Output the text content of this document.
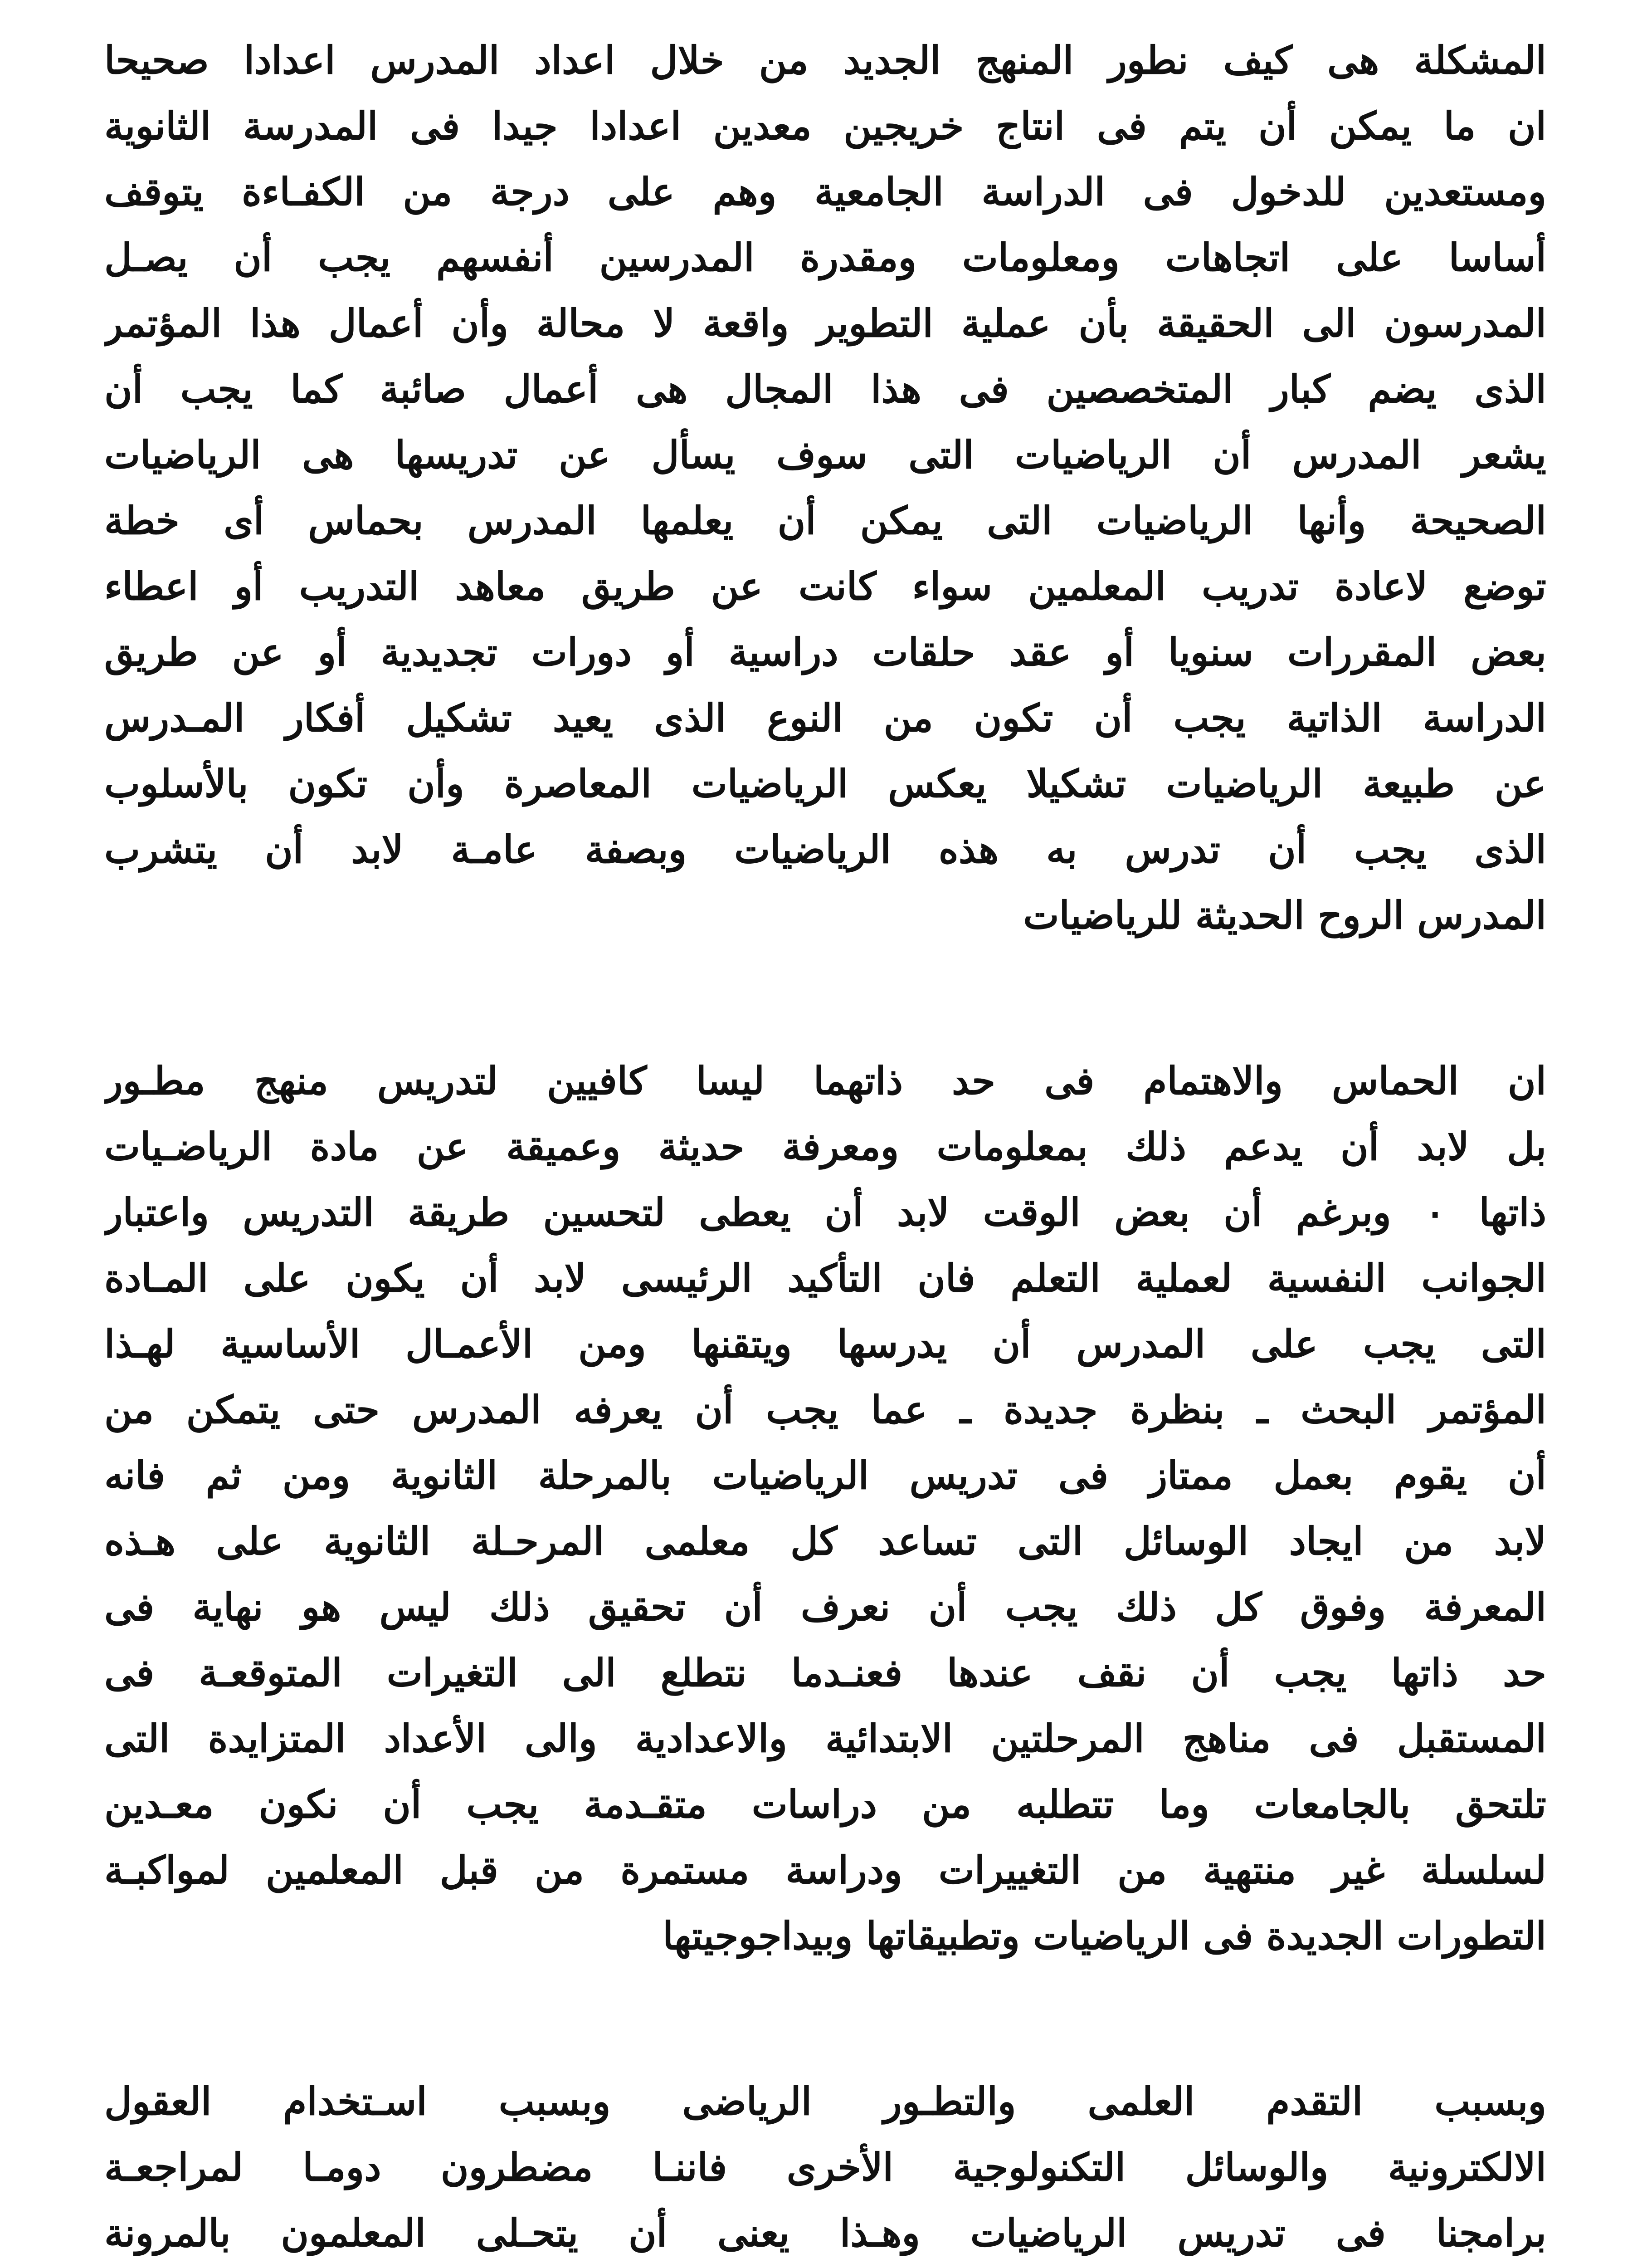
المشكلة هى كيف نطور المنهج الجديد من خلال اعداد المدرس اعدادا صحيحا
ان ما يمكن أن يتم فى انتاج خريجين معدين اعدادا جيدا فى المدرسة الثانوية
ومستعدين للدخول فى الدراسة الجامعية وهم على درجة من الكفـاءة يتوقف
أساسا على اتجاهات ومعلومات ومقدرة المدرسين أنفسهم يجب أن يصـل
المدرسون الى الحقيقة بأن عملية التطوير واقعة لا محالة وأن أعمال هذا المؤتمر
الذى يضم كبار المتخصصين فى هذا المجال هى أعمال صائبة كما يجب أن
يشعر المدرس أن الرياضيات التى سوف يسأل عن تدريسها هى الرياضيات
الصحيحة وأنها الرياضيات التى يمكن أن يعلمها المدرس بحماس أى خطة
توضع لاعادة تدريب المعلمين سواء كانت عن طريق معاهد التدريب أو اعطاء
بعض المقررات سنويا أو عقد حلقات دراسية أو دورات تجديدية أو عن طريق
الدراسة الذاتية يجب أن تكون من النوع الذى يعيد تشكيل أفكار المـدرس
عن طبيعة الرياضيات تشكيلا يعكس الرياضيات المعاصرة وأن تكون بالأسلوب
الذى يجب أن تدرس به هذه الرياضيات وبصفة عامـة لابد أن يتشرب
المدرس الروح الحديثة للرياضيات
ان الحماس والاهتمام فى حد ذاتهما ليسا كافيين لتدريس منهج مطـور
بل لابد أن يدعم ذلك بمعلومات ومعرفة حديثة وعميقة عن مادة الرياضـيات
ذاتها ٠ وبرغم أن بعض الوقت لابد أن يعطى لتحسين طريقة التدريس واعتبار
الجوانب النفسية لعملية التعلم فان التأكيد الرئيسى لابد أن يكون على المـادة
التى يجب على المدرس أن يدرسها ويتقنها ومن الأعمـال الأساسية لهـذا
المؤتمر البحث ـ بنظرة جديدة ـ عما يجب أن يعرفه المدرس حتى يتمكن من
أن يقوم بعمل ممتاز فى تدريس الرياضيات بالمرحلة الثانوية ومن ثم فانه
لابد من ايجاد الوسائل التى تساعد كل معلمى المرحـلة الثانوية على هـذه
المعرفة وفوق كل ذلك يجب أن نعرف أن تحقيق ذلك ليس هو نهاية فى
حد ذاتها يجب أن نقف عندها فعنـدما نتطلع الى التغيرات المتوقعـة فى
المستقبل فى مناهج المرحلتين الابتدائية والاعدادية والى الأعداد المتزايدة التى
تلتحق بالجامعات وما تتطلبه من دراسات متقـدمة يجب أن نكون معـدين
لسلسلة غير منتهية من التغييرات ودراسة مستمرة من قبل المعلمين لمواكبـة
التطورات الجديدة فى الرياضيات وتطبيقاتها وبيداجوجيتها
وبسبب التقدم العلمى والتطـور الرياضى وبسبب اسـتخدام العقول
الالكترونية والوسائل التكنولوجية الأخرى فاننـا مضطرون دومـا لمراجعـة
برامجنا فى تدريس الرياضيات وهـذا يعنى أن يتحـلى المعلمون بالمرونة
